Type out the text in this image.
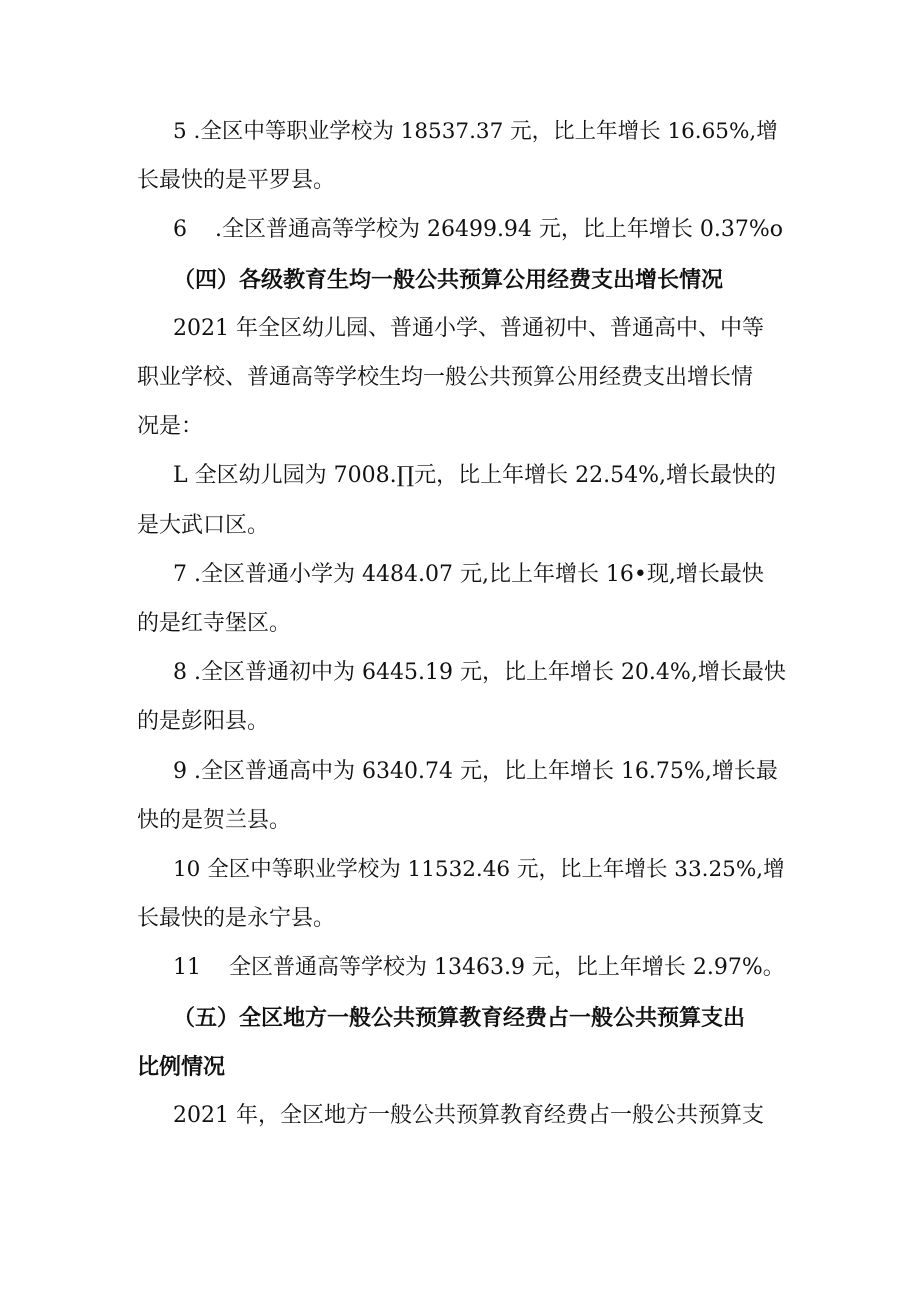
5 .全区中等职业学校为 18537.37 元，比上年增长 16.65%,增

长最快的是平罗县。

6    .全区普通高等学校为 26499.94 元，比上年增长 0.37%o

（四）各级教育生均一般公共预算公用经费支出增长情况

2021 年全区幼儿园、普通小学、普通初中、普通高中、中等

职业学校、普通高等学校生均一般公共预算公用经费支出增长情

况是：

L 全区幼儿园为 7008.∏元，比上年增长 22.54%,增长最快的

是大武口区。

7 .全区普通小学为 4484.07 元,比上年增长 16•现,增长最快

的是红寺堡区。

8 .全区普通初中为 6445.19 元，比上年增长 20.4%,增长最快

的是彭阳县。

9 .全区普通高中为 6340.74 元，比上年增长 16.75%,增长最

快的是贺兰县。

10 全区中等职业学校为 11532.46 元，比上年增长 33.25%,增

长最快的是永宁县。

11    全区普通高等学校为 13463.9 元，比上年增长 2.97%。

（五）全区地方一般公共预算教育经费占一般公共预算支出

比例情况

2021 年，全区地方一般公共预算教育经费占一般公共预算支
